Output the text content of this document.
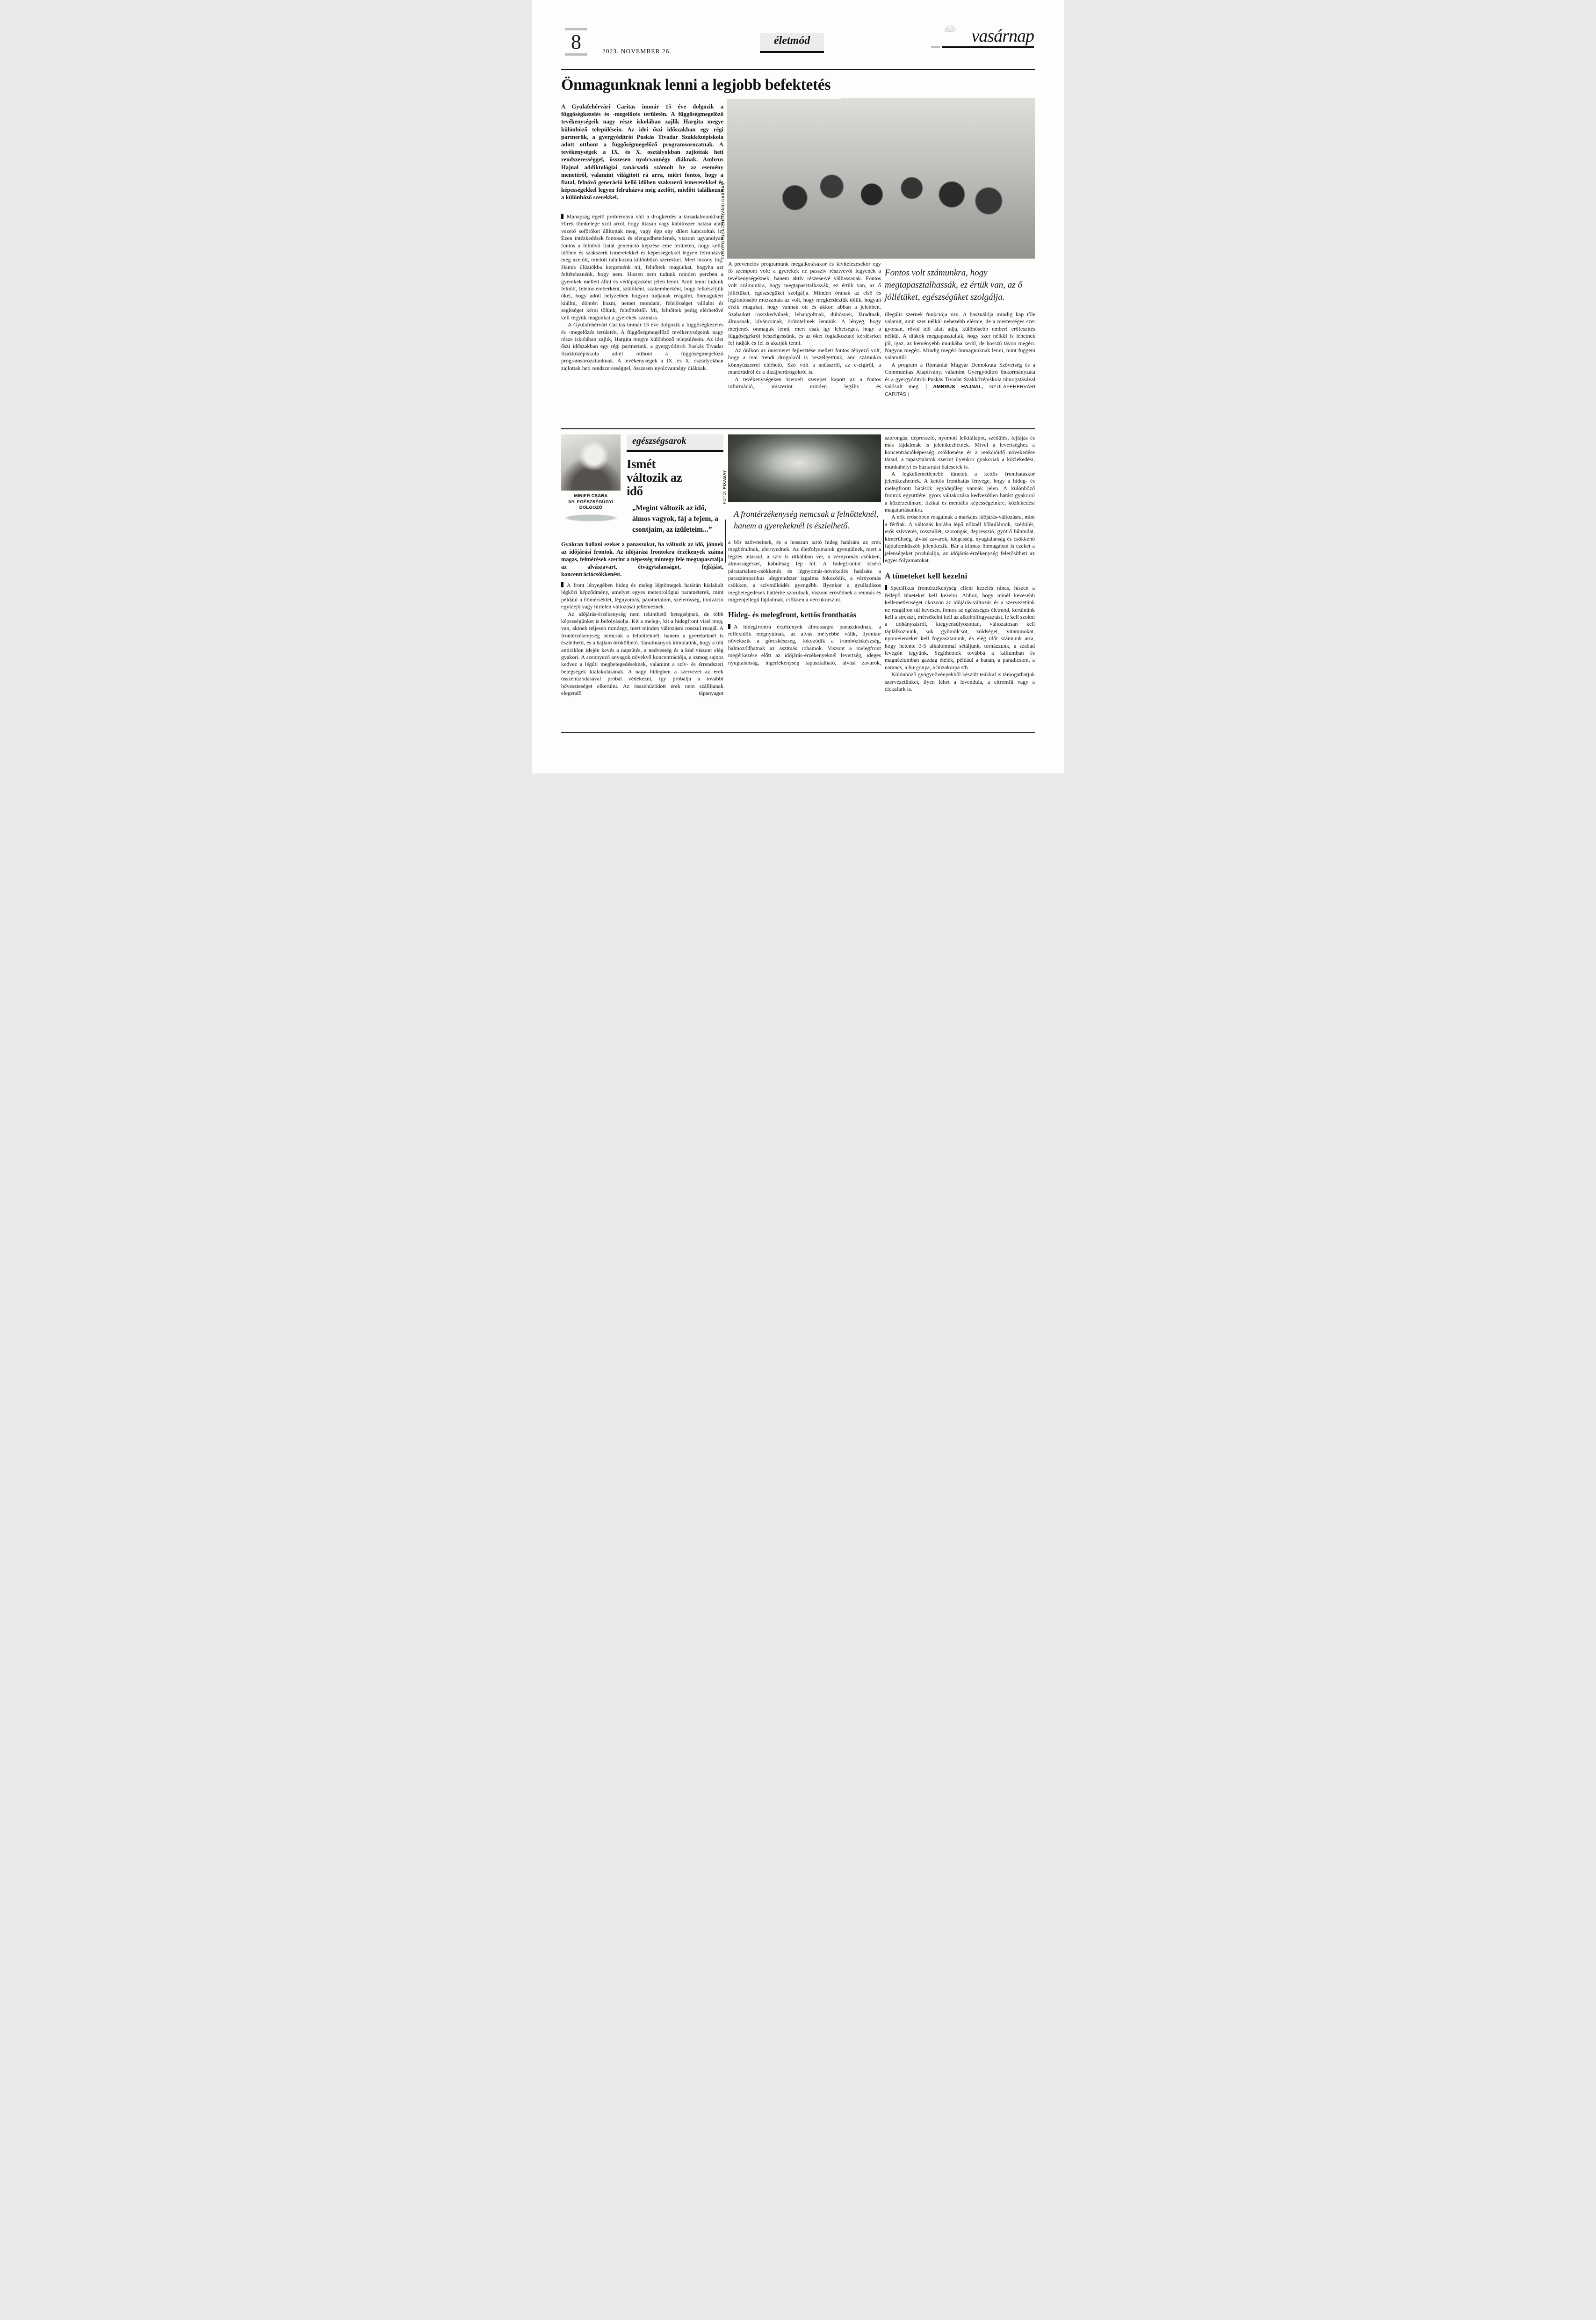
8	2023. NOVEMBER 26.
életmód	vasárnap
Önmagunknak lenni a legjobb befektetés
FOTÓ: GYULAFEHÉRVÁRI CARITAS

A Gyulafehérvári Caritas immár 15 éve dolgozik a függőségkezelés és -megelőzés területén. A függőségmegelőző tevékenységeik nagy része iskolában zajlik Hargita megye különböző településein. Az idei őszi időszakban egy régi partnerük, a gyergyóditrói Puskás Tivadar Szakközépiskola adott otthont a függőségmegelőző programsorozatnak. A tevékenységek a IX. és X. osztályokban zajlottak heti rendszerességgel, összesen nyolcvannégy diáknak. Ambrus Hajnal addiktológiai tanácsadó számolt be az esemény menetéről, valamint világított rá arra, miért fontos, hogy a fiatal, felnövő generáció kellő időben szakszerű ismeretekkel és képességekkel legyen felruházva még azelőtt, mielőtt találkozna a különböző szerekkel.

Manapság égető problémává vált a drogkérdés a társadalmunkban. Hírek tömkelege szól arról, hogy ittasan vagy kábítószer hatása alatt vezető sofőröket állítottak meg, vagy épp egy dílert kapcsoltak le. Ezen intézkedések fontosak és elengedhetetlenek, viszont ugyanolyan fontos a felnövő fiatal generáció képzése eme területen, hogy kellő időben és szakszerű ismeretekkel és képességekkel legyen felruházva még azelőtt, mielőtt találkozna különböző szerekkel. Mert bizony fog. Hamis illúziókba kergetnénk mi, felnőttek magunkat, hogyha azt feltételeznénk, hogy nem. Hiszen nem tudunk minden percben a gyerekek mellett állni és védőpajzsként jelen lenni. Amit tenni tudunk felnőtt, felelős emberként, szülőként, szakemberként, hogy felkészítjük őket, hogy adott helyzetben hogyan tudjanak reagálni, önmagukért kiállni, döntést hozni, nemet mondani, felelősséget vállalni és segítséget kérni tőlünk, felnőttektől. Mi, felnőttek pedig elérhetővé kell tegyük magunkat a gyerekek számára.

A Gyulafehérvári Caritas immár 15 éve dolgozik a függőségkezelés és -megelőzés területén. A függőségmegelőző tevékenységeink nagy része iskolában zajlik, Hargita megye különböző településein. Az idei őszi időszakban egy régi partnerünk, a gyergyóditrói Puskás Tivadar Szakközépiskola adott otthont a függőségmegelőző programsorozatunknak. A tevékenységek a IX. és X. osztályokban zajlottak heti rendszerességgel, összesen nyolcvannégy diáknak.

A prevenciós programunk megalkotásakor és kivitelezésekor egy fő szempont volt: a gyerekek ne passzív résztvevői legyenek a tevékenységeknek, hanem aktív részeseivé válhassanak. Fontos volt számunkra, hogy megtapasztalhassák, ez értük van, az ő jóllétüket, egészségüket szolgálja. Minden órának az első és legfontosabb mozzanata az volt, hogy megkérdeztük tőlük, hogyan érzik magukat, hogy vannak ott és akkor, abban a jelenben. Szabadott rosszkedvűnek, lehangoltnak, dühösnek, fáradtnak, álmosnak, kíváncsinak, örömtelinek lenniük. A lényeg, hogy merjenek önmaguk lenni, mert csak így lehetséges, hogy a függőségekről beszélgessünk, és az őket foglalkoztató kérdéseket fel tudják és fel is akarják tenni.

Az órákon az önismeret fejlesztése mellett fontos tényező volt, hogy a mai trendi drogokról is beszélgettünk, ami számukra könnyűszerrel elérhető. Szó volt a snüsszről, az e-cigiről, a manórúdról és a dizájnerdrogokról is.

A tevékenységeken kiemelt szerepet kapott az a fontos információ, miszerint minden legális és

Fontos volt számunkra, hogy megtapasztalhassák, ez értük van, az ő jóllétüket, egészségüket szolgálja.

illegális szernek funkciója van. A használója mindig kap tőle valamit, amit szer nélkül nehezebb elérnie, de a mesterséges szer gyorsan, rövid idő alatt adja, különösebb emberi erőfeszítés nélkül. A diákok megtapasztalták, hogy szer nélkül is lehetnek jól, igaz, az keményebb munkába kerül, de hosszú távon megéri. Nagyon megéri. Mindig megéri önmagunknak lenni, mint függeni valamitől.

A program a Romániai Magyar Demokrata Szövetség és a Communitas Alapítvány, valamint Gyergyóditró önkormányzata és a gyergyóditrói Puskás Tivadar Szakközépiskola támogatásával valósult meg. | AMBRUS HAJNAL, GYULAFEHÉRVÁRI CARITAS |

MINIER CSABA
NY. EGÉSZSÉGÜGYI
DOLGOZÓ
egészségsarok
Ismét változik az idő

„Megint változik az idő, álmos vagyok, fáj a fejem, a csontjaim, az ízületeim...”

Gyakran hallani ezeket a panaszokat, ha változik az idő, jönnek az időjárási frontok. Az időjárási frontokra érzékenyek száma magas, felmérések szerint a népesség mintegy fele megtapasztalja az alvászavart, étvágytalanságot, fejfájást, koncentrációcsökkenést.

A front lényegében hideg és meleg légtömegek határán kialakult légköri képződmény, amelyet egyes meteorológiai paraméterek, mint például a hőmérséklet, légnyomás, páratartalom, szélerősség, ionizáció egyidejű vagy hirtelen változásai jellemeznek.

Az időjárás-érzékenység nem tekinthető betegségnek, de több képességünket is befolyásolja. Kit a meleg-, kit a hidegfront visel meg, van, akinek teljesen mindegy, mert minden változásra rosszul reagál. A frontérzékenység nemcsak a felnőtteknél, hanem a gyerekeknél is észlelhető, és a hajlam örökölhető. Tanulmányok kimutatták, hogy a téli anticiklon idején kevés a napsütés, a nedvesség és a köd viszont elég gyakori. A szennyező anyagok növekvő koncentrációja, a szmog sajnos kedvez a légúti megbetegedéseknek, valamint a szív- és érrendszeri betegségek kialakulásának. A nagy hidegben a szervezet az erek összehúzódásával próbál védekezni, így próbálja a további hőveszteséget elkerülni. Az összehúzódott erek nem szállítanak elegendő tápanyagot

FOTÓ: PIXABAY
A frontérzékenység nemcsak a felnőtteknél, hanem a gyerekeknél is észlelhető.

a bőr szöveteinek, és a hosszan tartó hideg hatására az erek megbénulnak, elernyednek. Az életfolyamatok gyengülnek, mert a légzés lelassul, a szív is ritkábban ver, a vérnyomás csökken, álmosságérzet, kábultság lép fel. A hidegfrontot kísérő páratartalom-csökkenés és légnyomás-növekedés hatására a paraszimpatikus idegrendszer izgalma fokozódik, a vérnyomás csökken, a szívműködés gyengébb. Ilyenkor a gyulladásos megbetegedések háttérbe szorulnak, viszont erősödnek a reumás és migrénjellegű fájdalmak, csökken a vércukorszint.

Hideg- és melegfront, kettős fronthatás

A hidegfrontra érzékenyek álmosságra panaszkodnak, a reflexidők megnyúlnak, az alvás mélyebbé válik, ilyenkor növekszik a görcskészség, fokozódik a trombóziskészség, halmozódhatnak az asztmás rohamok. Viszont a melegfront megérkezése előtt az időjárás-érzékenyeknél levertség, ideges nyugtalanság, ingerlékenység tapasztalható, alvási zavarok,

szorongás, depresszió, nyomott lelkiállapot, szédülés, fejfájás és más fájdalmak is jelentkezhetnek. Mivel a levertséghez a koncentrációképesség csökkenése és a reakcióidő növekedése társul, a tapasztalatok szerint ilyenkor gyakoriak a közlekedési, munkahelyi és háztartási balesetek is.

A legkellemetlenebb tünetek a kettős fronthatáskor jelentkezhetnek. A kettős fronthatás lényege, hogy a hideg- és melegfronti hatások egyidejűleg vannak jelen. A különböző frontok együttléte, gyors váltakozása kedvezőtlen hatást gyakorol a közérzetünkre, fizikai és mentális képességeinkre, közlekedési magatartásunkra.

A nők erősebben reagálnak a markáns időjárás-változásra, mint a férfiak. A változás korába lépő nőknél hőhullámok, szédülés, erős szívverés, rosszullét, szorongás, depresszió, gyötrő bűntudat, kimerültség, alvási zavarok, idegesség, nyugtalanság és csökkenő fájdalomküszöb jelentkezik. Bár a klimax önmagában is ezeket a jelenségeket produkálja, az időjárás-érzékenység felerősítheti az egyes folyamatokat.

A tüneteket kell kezelni

Specifikus frontérzékenység elleni kezelés nincs, hiszen a fellépő tüneteket kell kezelni. Ahhoz, hogy minél kevesebb kellemetlenséget okozzon az időjárás-változás és a szervezetünk ne reagáljon túl hevesen, fontos az egészséges életmód, kerülnünk kell a stresszt, mérsékelni kell az alkoholfogyasztást, le kell szokni a dohányzásról, kiegyensúlyozottan, változatosan kell táplálkoznunk, sok gyümölcsöt, zöldséget, vitaminokat, nyomelemeket kell fogyasztanunk, és elég időt szánnunk arra, hogy hetente 3-5 alkalommal sétáljunk, tornázzunk, a szabad levegőn legyünk. Segíthetnek továbbá a káliumban és magnéziumban gazdag ételek, például a banán, a paradicsom, a narancs, a burgonya, a búzakorpa stb.

Különböző gyógynövényekből készült teákkal is támogathatjuk szervezetünket, ilyen lehet a levendula, a citromfű vagy a cickafark is.
